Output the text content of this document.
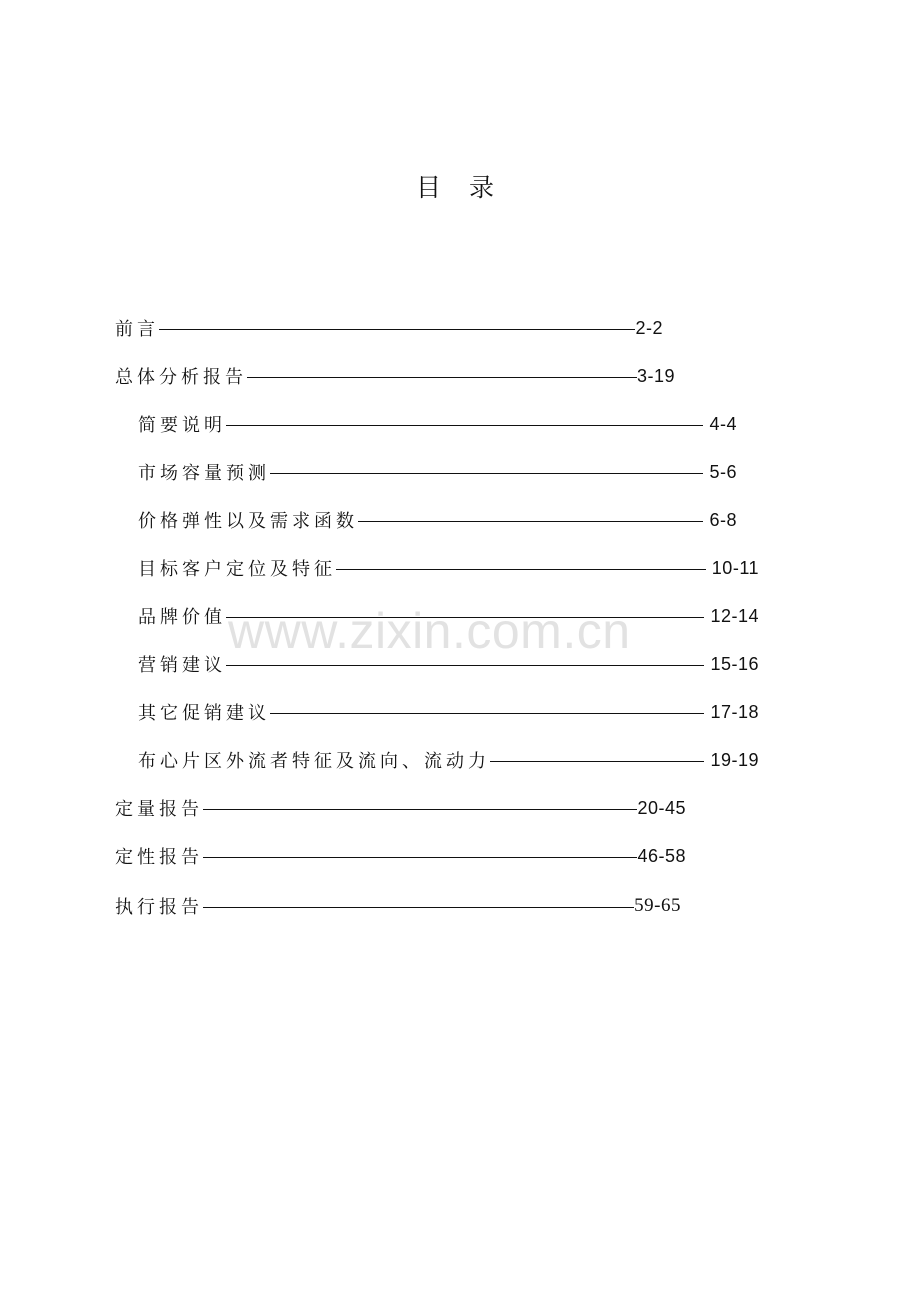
目 录
前言	2-2
总体分析报告	3-19
简要说明	4-4
市场容量预测	5-6
价格弹性以及需求函数	6-8
目标客户定位及特征	10-11
品牌价值	12-14
营销建议	15-16
其它促销建议	17-18
布心片区外流者特征及流向、流动力	19-19
定量报告	20-45
定性报告	46-58
执行报告	59-65
www.zixin.com.cn
